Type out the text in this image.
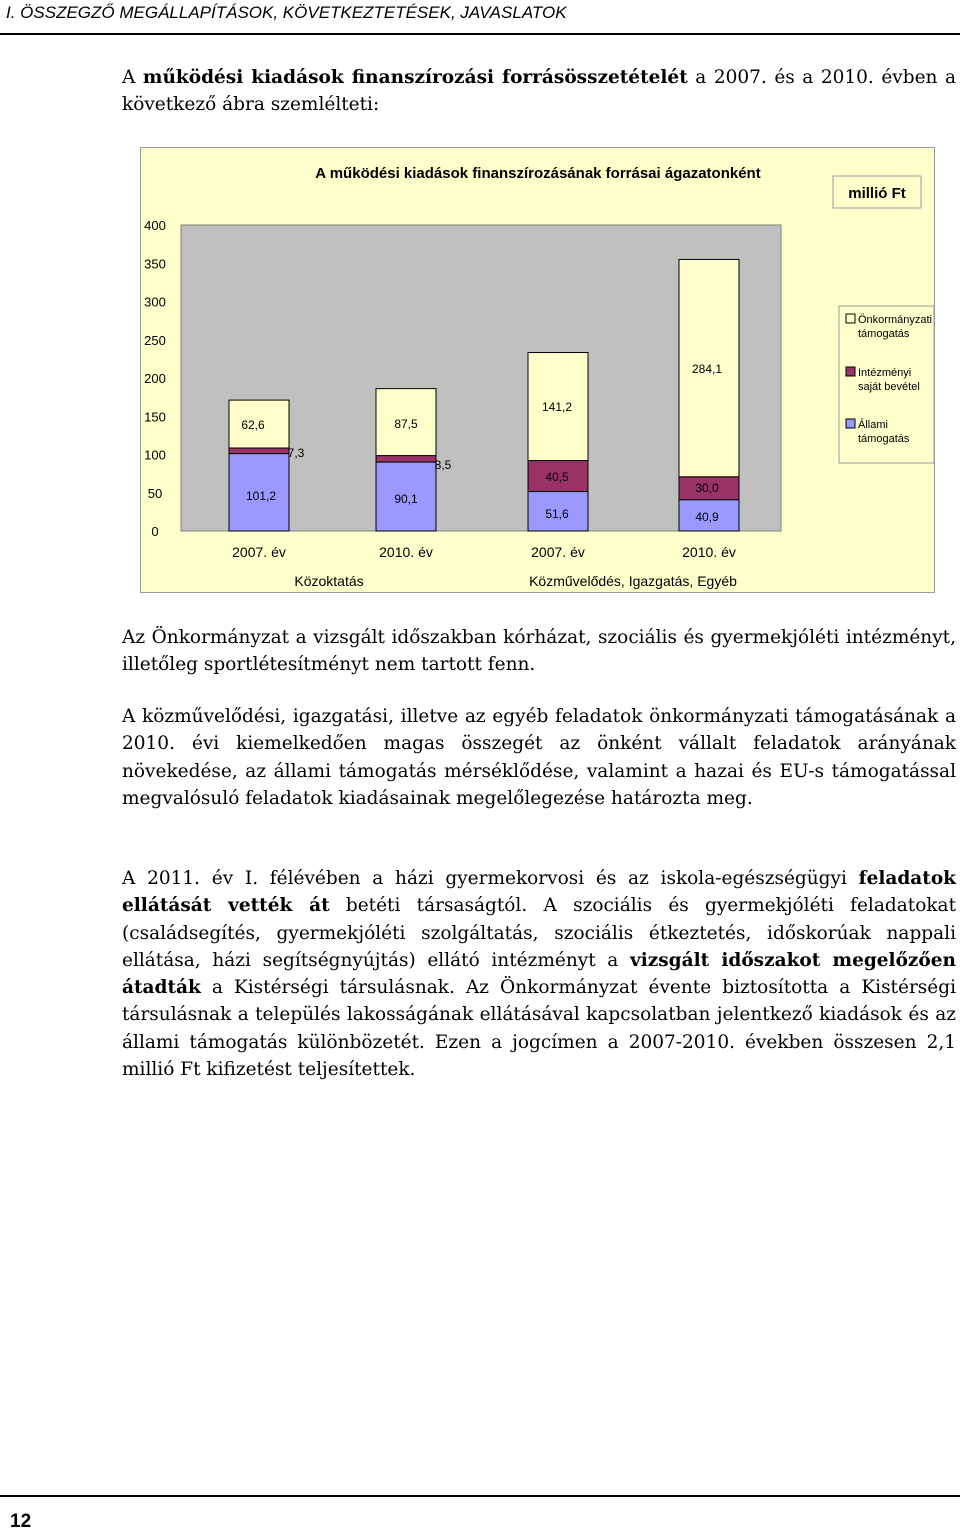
I. ÖSSZEGZŐ MEGÁLLAPÍTÁSOK, KÖVETKEZTETÉSEK, JAVASLATOK

A működési kiadások finanszírozási forrásösszetételét a 2007. és a 2010. évben a következő ábra szemlélteti:

A működési kiadások finanszírozásának forrásai ágazatonként
millió Ft
0
50
100
150
200
250
300
350
400
2007. év	2010. év	2007. év	2010. év
101,2	90,1
51,6	40,9
7,3
8,5
40,5
30,0
62,6	87,5
141,2
284,1
Közoktatás	Közművelődés, Igazgatás, Egyéb
Önkormányzati
támogatás
Intézményi
saját bevétel
Állami
támogatás

Az Önkormányzat a vizsgált időszakban kórházat, szociális és gyermekjóléti intézményt, illetőleg sportlétesítményt nem tartott fenn.

A közművelődési, igazgatási, illetve az egyéb feladatok önkormányzati támogatásának a 2010. évi kiemelkedően magas összegét az önként vállalt feladatok arányának növekedése, az állami támogatás mérséklődése, valamint a hazai és EU-s támogatással megvalósuló feladatok kiadásainak megelőlegezése határozta meg.

A 2011. év I. félévében a házi gyermekorvosi és az iskola-egészségügyi feladatok ellátását vették át betéti társaságtól. A szociális és gyermekjóléti feladatokat (családsegítés, gyermekjóléti szolgáltatás, szociális étkeztetés, időskorúak nappali ellátása, házi segítségnyújtás) ellátó intézményt a vizsgált időszakot megelőzően átadták a Kistérségi társulásnak. Az Önkormányzat évente biztosította a Kistérségi társulásnak a település lakosságának ellátásával kapcsolatban jelentkező kiadások és az állami támogatás különbözetét. Ezen a jogcímen a 2007-2010. években összesen 2,1 millió Ft kifizetést teljesítettek.

12
